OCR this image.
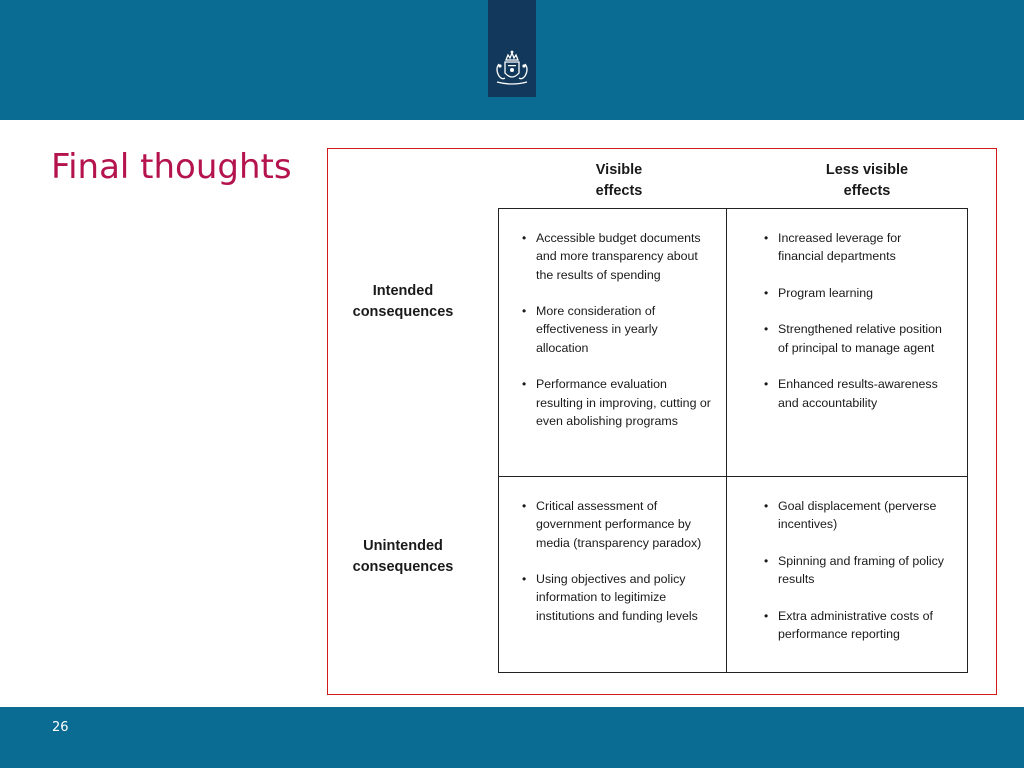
Final thoughts	Visible
effects
Less visible
effects
Intended
consequences
Unintended
consequences
• Accessible budget documents and more transparency about the results of spending
• More consideration of effectiveness in yearly allocation
• Performance evaluation resulting in improving, cutting or even abolishing programs
• Increased leverage for financial departments
• Program learning
• Strengthened relative position of principal to manage agent
• Enhanced results-awareness and accountability
• Critical assessment of government performance by media (transparency paradox)
• Using objectives and policy information to legitimize institutions and funding levels
• Goal displacement (perverse incentives)
• Spinning and framing of policy results
• Extra administrative costs of performance reporting
26
